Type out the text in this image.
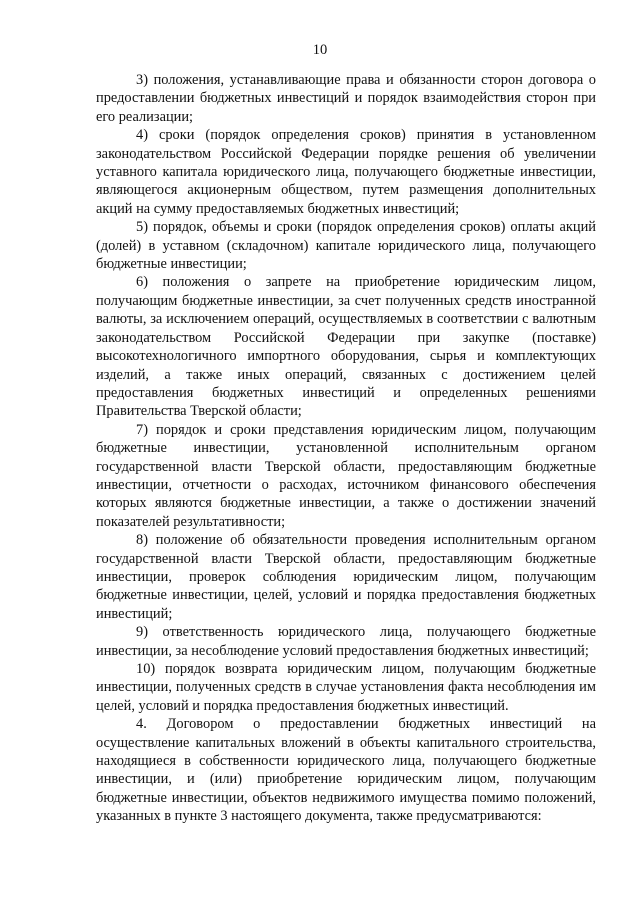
10

3) положения, устанавливающие права и обязанности сторон договора о предоставлении бюджетных инвестиций и порядок взаимодействия сторон при его реализации;

4) сроки (порядок определения сроков) принятия в установленном законодательством Российской Федерации порядке решения об увеличении уставного капитала юридического лица, получающего бюджетные инвестиции, являющегося акционерным обществом, путем размещения дополнительных акций на сумму предоставляемых бюджетных инвестиций;

5) порядок, объемы и сроки (порядок определения сроков) оплаты акций (долей) в уставном (складочном) капитале юридического лица, получающего бюджетные инвестиции;

6) положения о запрете на приобретение юридическим лицом, получающим бюджетные инвестиции, за счет полученных средств иностранной валюты, за исключением операций, осуществляемых в соответствии с валютным законодательством Российской Федерации при закупке (поставке) высокотехнологичного импортного оборудования, сырья и комплектующих изделий, а также иных операций, связанных с достижением целей предоставления бюджетных инвестиций и определенных решениями Правительства Тверской области;

7) порядок и сроки представления юридическим лицом, получающим бюджетные инвестиции, установленной исполнительным органом государственной власти Тверской области, предоставляющим бюджетные инвестиции, отчетности о расходах, источником финансового обеспечения которых являются бюджетные инвестиции, а также о достижении значений показателей результативности;

8) положение об обязательности проведения исполнительным органом государственной власти Тверской области, предоставляющим бюджетные инвестиции, проверок соблюдения юридическим лицом, получающим бюджетные инвестиции, целей, условий и порядка предоставления бюджетных инвестиций;

9) ответственность юридического лица, получающего бюджетные инвестиции, за несоблюдение условий предоставления бюджетных инвестиций;

10) порядок возврата юридическим лицом, получающим бюджетные инвестиции, полученных средств в случае установления факта несоблюдения им целей, условий и порядка предоставления бюджетных инвестиций.

4. Договором о предоставлении бюджетных инвестиций на осуществление капитальных вложений в объекты капитального строительства, находящиеся в собственности юридического лица, получающего бюджетные инвестиции, и (или) приобретение юридическим лицом, получающим бюджетные инвестиции, объектов недвижимого имущества помимо положений, указанных в пункте 3 настоящего документа, также предусматриваются:
